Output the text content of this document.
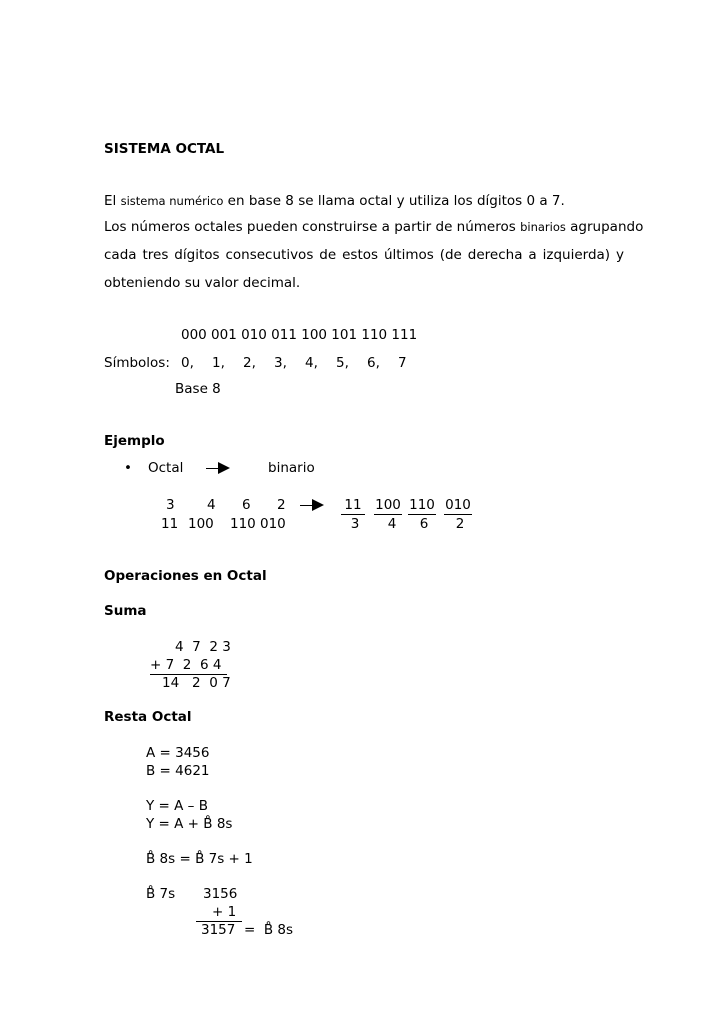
SISTEMA OCTAL
El sistema numérico en base 8 se llama octal y utiliza los dígitos 0 a 7.
Los números octales pueden construirse a partir de números binarios agrupando
cada tres dígitos consecutivos de estos últimos (de derecha a izquierda) y
obteniendo su valor decimal.
000 001 010 011 100 101 110 111
Símbolos: 0, 1, 2, 3, 4, 5, 6, 7
Base 8
Ejemplo
• Octal	binario
3 4 6 2
11 100 110 010
11 100 110 010
3	4	6	2
Operaciones en Octal
Suma
4  7  2 3
+ 7  2  6 4
14   2  0 7
Resta Octal
A = 3456
B = 4621
Y = A – B
Y = A + B̊ 8s
B̊ 8s = B̊ 7s + 1
B̊ 7s 3156
+ 1
3157  =  B̊ 8s
